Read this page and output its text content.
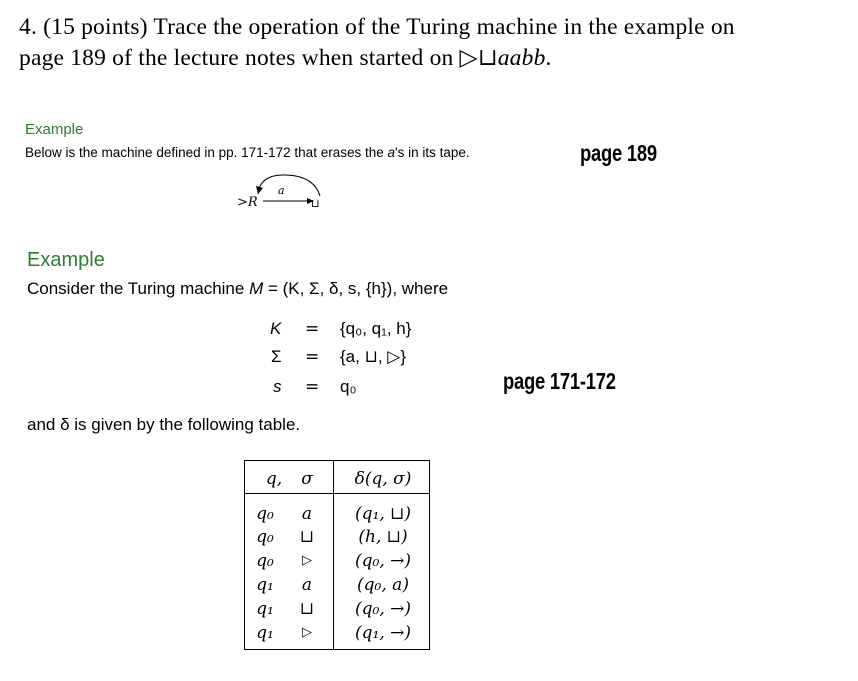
4. (15 points) Trace the operation of the Turing machine in the example on
page 189 of the lecture notes when started on ▷⊔aabb.
Example
Below is the machine defined in pp. 171-172 that erases the a's in its tape.	page 189
>R
a
⊔
Example
Consider the Turing machine M = (K, Σ, δ, s, {h}), where
K = {q₀, q₁, h}
Σ = {a, ⊔, ▷}
s = q₀	page 171-172
and δ is given by the following table.
q,	σ	δ(q, σ)
q₀	a	(q₁, ⊔)
q₀	⊔	(h, ⊔)
q₀	▷	(q₀, →)
q₁	a	(q₀, a)
q₁	⊔	(q₀, →)
q₁	▷	(q₁, →)
